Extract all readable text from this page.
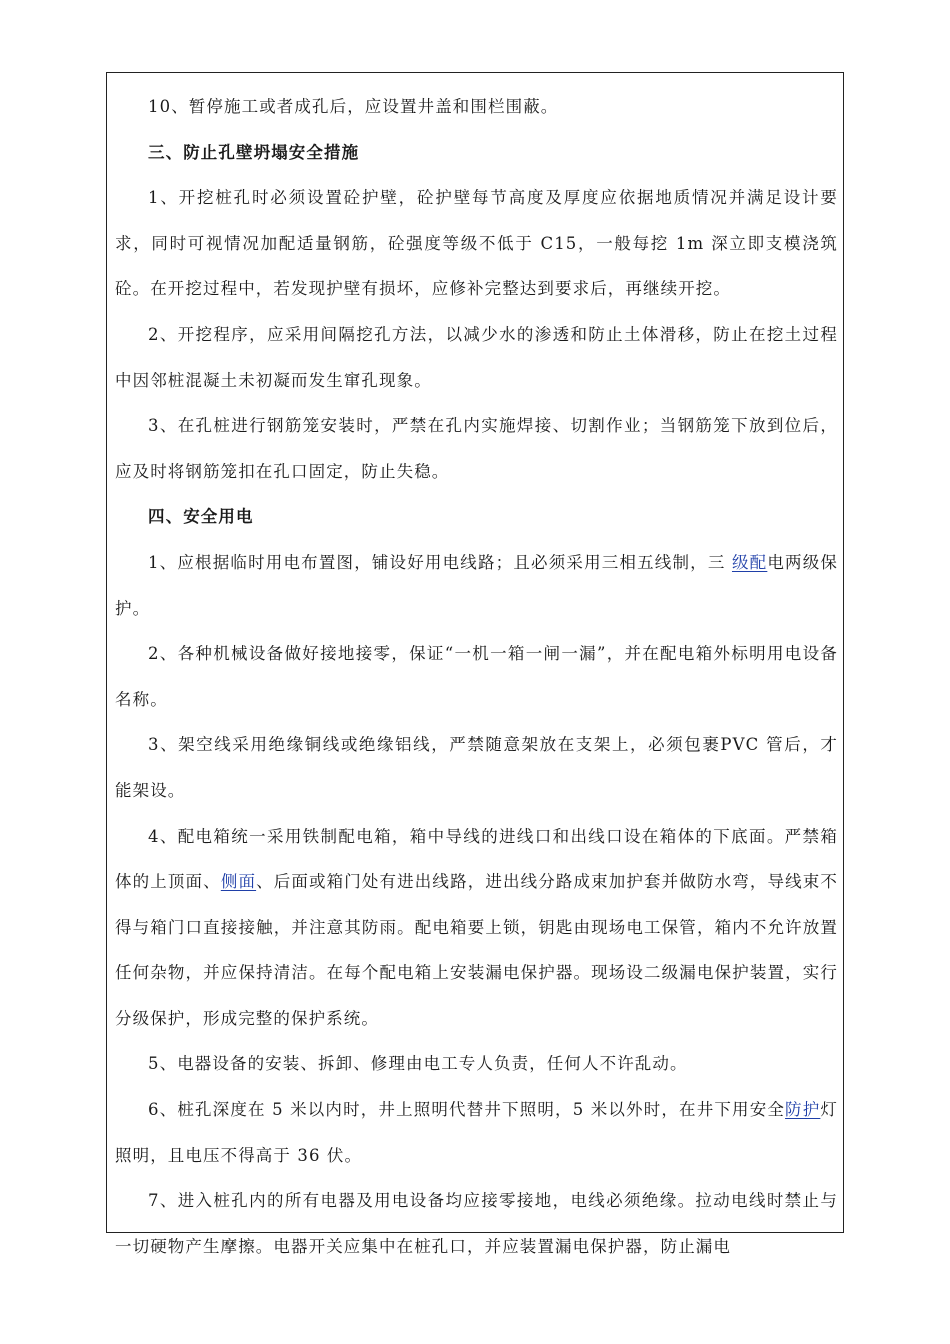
10、暂停施工或者成孔后，应设置井盖和围栏围蔽。

三、防止孔壁坍塌安全措施

1、开挖桩孔时必须设置砼护壁，砼护壁每节高度及厚度应依据地质情况并满足设计要求，同时可视情况加配适量钢筋，砼强度等级不低于 C15，一般每挖 1m 深立即支模浇筑砼。在开挖过程中，若发现护壁有损坏，应修补完整达到要求后，再继续开挖。

2、开挖程序，应采用间隔挖孔方法，以减少水的渗透和防止土体滑移，防止在挖土过程中因邻桩混凝土未初凝而发生窜孔现象。

3、在孔桩进行钢筋笼安装时，严禁在孔内实施焊接、切割作业；当钢筋笼下放到位后，应及时将钢筋笼扣在孔口固定，防止失稳。

四、安全用电

1、应根据临时用电布置图，铺设好用电线路；且必须采用三相五线制，三 级配电两级保护。

2、各种机械设备做好接地接零，保证“一机一箱一闸一漏”，并在配电箱外标明用电设备名称。

3、架空线采用绝缘铜线或绝缘铝线，严禁随意架放在支架上，必须包裹PVC 管后，才能架设。

4、配电箱统一采用铁制配电箱，箱中导线的进线口和出线口设在箱体的下底面。严禁箱体的上顶面、侧面、后面或箱门处有进出线路，进出线分路成束加护套并做防水弯，导线束不得与箱门口直接接触，并注意其防雨。配电箱要上锁，钥匙由现场电工保管，箱内不允许放置任何杂物，并应保持清洁。在每个配电箱上安装漏电保护器。现场设二级漏电保护装置，实行分级保护，形成完整的保护系统。

5、电器设备的安装、拆卸、修理由电工专人负责，任何人不许乱动。

6、桩孔深度在 5 米以内时，井上照明代替井下照明，5 米以外时，在井下用安全防护灯照明，且电压不得高于 36 伏。

7、进入桩孔内的所有电器及用电设备均应接零接地，电线必须绝缘。拉动电线时禁止与一切硬物产生摩擦。电器开关应集中在桩孔口，并应装置漏电保护器，防止漏电
